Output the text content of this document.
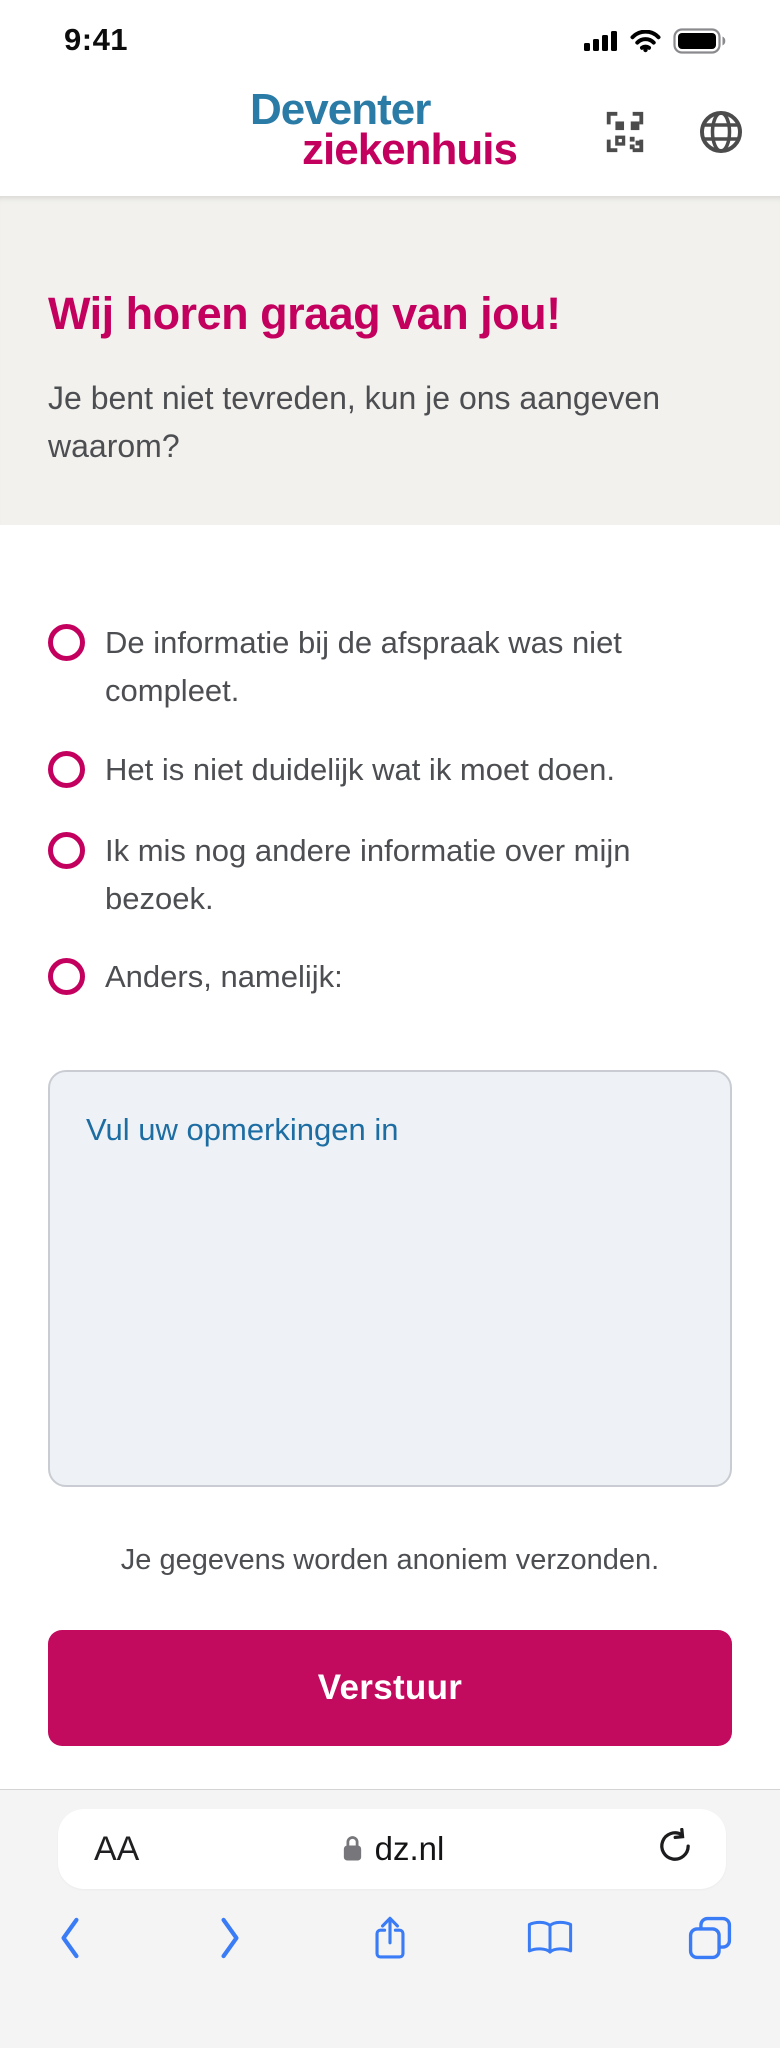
9:41
Deventer
ziekenhuis
Wij horen graag van jou!

Je bent niet tevreden, kun je ons aangeven waarom?

De informatie bij de afspraak was niet compleet.
Het is niet duidelijk wat ik moet doen.
Ik mis nog andere informatie over mijn bezoek.
Anders, namelijk:
Vul uw opmerkingen in
Je gegevens worden anoniem verzonden.
Verstuur
AA	dz.nl
